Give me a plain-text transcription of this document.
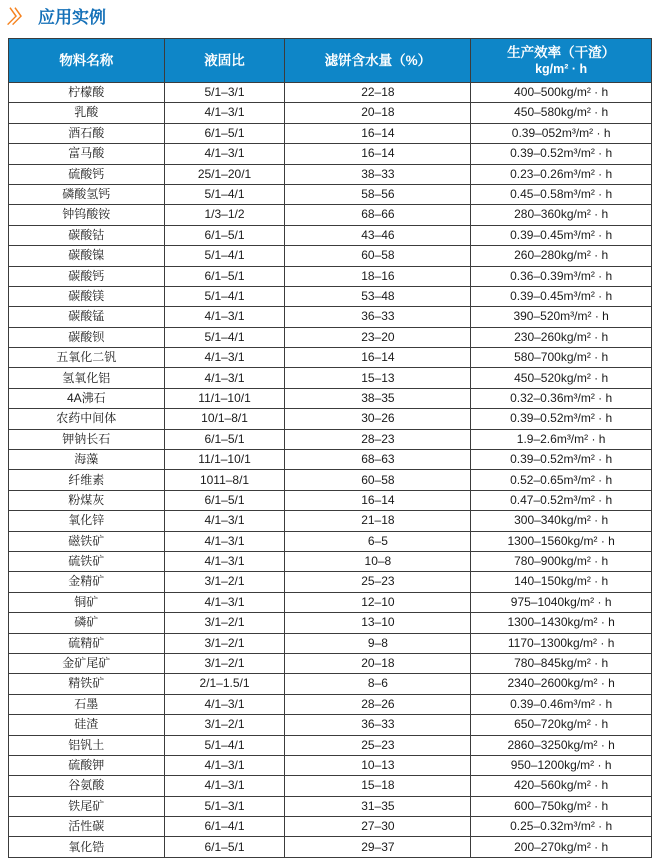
〉〉 应用实例
物料名称	液固比	滤饼含水量（%）	生产效率（干渣）
kg/m² · h

柠檬酸	5/1–3/1	22–18	400–500kg/m² · h
乳酸	4/1–3/1	20–18	450–580kg/m² · h
酒石酸	6/1–5/1	16–14	0.39–052m³/m² · h
富马酸	4/1–3/1	16–14	0.39–0.52m³/m² · h
硫酸钙	25/1–20/1	38–33	0.23–0.26m³/m² · h
磷酸氢钙	5/1–4/1	58–56	0.45–0.58m³/m² · h
钟钨酸铵	1/3–1/2	68–66	280–360kg/m² · h
碳酸钴	6/1–5/1	43–46	0.39–0.45m³/m² · h
碳酸镍	5/1–4/1	60–58	260–280kg/m² · h
碳酸钙	6/1–5/1	18–16	0.36–0.39m³/m² · h
碳酸镁	5/1–4/1	53–48	0.39–0.45m³/m² · h
碳酸锰	4/1–3/1	36–33	390–520m³/m² · h
碳酸钡	5/1–4/1	23–20	230–260kg/m² · h
五氧化二钒	4/1–3/1	16–14	580–700kg/m² · h
氢氧化铝	4/1–3/1	15–13	450–520kg/m² · h
4A沸石	11/1–10/1	38–35	0.32–0.36m³/m² · h
农药中间体	10/1–8/1	30–26	0.39–0.52m³/m² · h
钾钠长石	6/1–5/1	28–23	1.9–2.6m³/m² · h
海藻	11/1–10/1	68–63	0.39–0.52m³/m² · h
纤维素	1011–8/1	60–58	0.52–0.65m³/m² · h
粉煤灰	6/1–5/1	16–14	0.47–0.52m³/m² · h
氧化锌	4/1–3/1	21–18	300–340kg/m² · h
磁铁矿	4/1–3/1	6–5	1300–1560kg/m² · h
硫铁矿	4/1–3/1	10–8	780–900kg/m² · h
金精矿	3/1–2/1	25–23	140–150kg/m² · h
铜矿	4/1–3/1	12–10	975–1040kg/m² · h
磷矿	3/1–2/1	13–10	1300–1430kg/m² · h
硫精矿	3/1–2/1	9–8	1170–1300kg/m² · h
金矿尾矿	3/1–2/1	20–18	780–845kg/m² · h
精铁矿	2/1–1.5/1	8–6	2340–2600kg/m² · h
石墨	4/1–3/1	28–26	0.39–0.46m³/m² · h
硅渣	3/1–2/1	36–33	650–720kg/m² · h
铝钒土	5/1–4/1	25–23	2860–3250kg/m² · h
硫酸钾	4/1–3/1	10–13	950–1200kg/m² · h
谷氨酸	4/1–3/1	15–18	420–560kg/m² · h
铁尾矿	5/1–3/1	31–35	600–750kg/m² · h
活性碳	6/1–4/1	27–30	0.25–0.32m³/m² · h
氧化锆	6/1–5/1	29–37	200–270kg/m² · h
